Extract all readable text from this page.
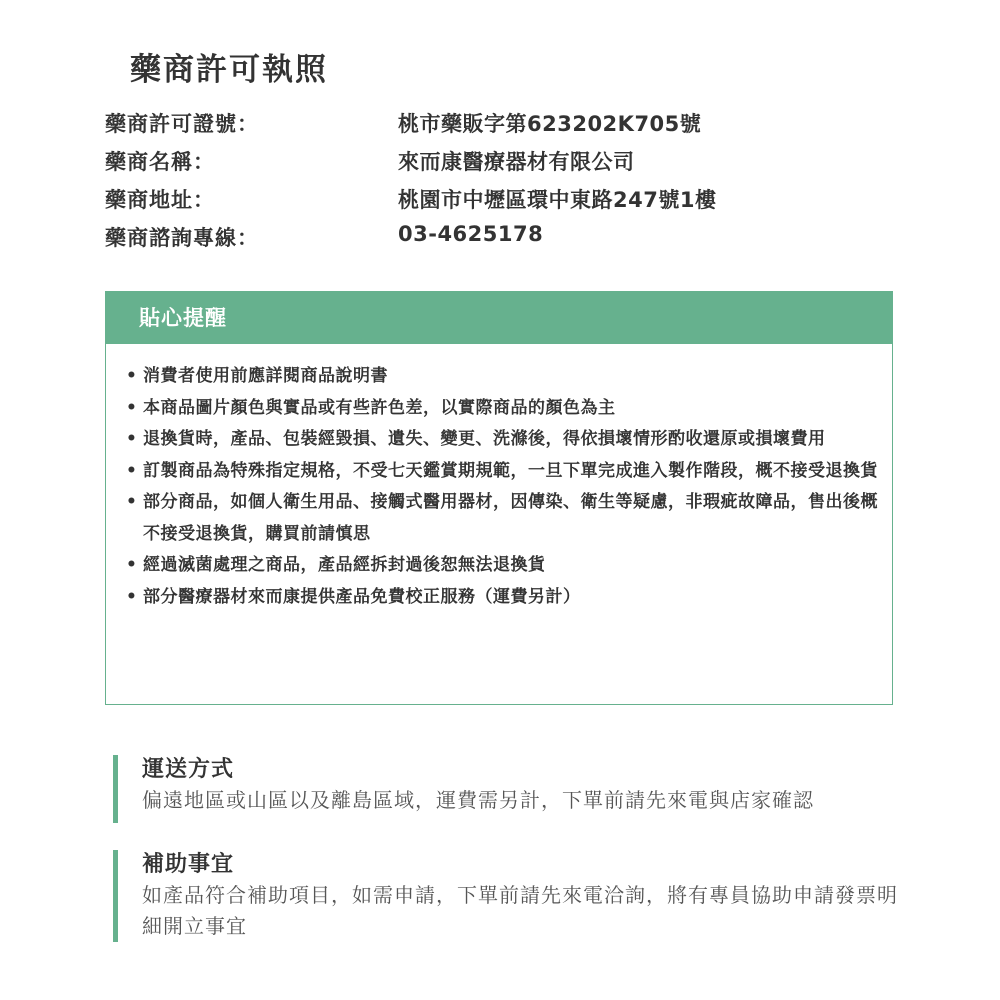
藥商許可執照
藥商許可證號：	桃市藥販字第623202K705號
藥商名稱：	來而康醫療器材有限公司
藥商地址：	桃園市中壢區環中東路247號1樓
藥商諮詢專線：	03-4625178
貼心提醒
• 消費者使用前應詳閱商品說明書
• 本商品圖片顏色與實品或有些許色差，以實際商品的顏色為主
• 退換貨時，產品、包裝經毀損、遺失、變更、洗滌後，得依損壞情形酌收還原或損壞費用
• 訂製商品為特殊指定規格，不受七天鑑賞期規範，一旦下單完成進入製作階段，概不接受退換貨
• 部分商品，如個人衛生用品、接觸式醫用器材，因傳染、衛生等疑慮，非瑕疵故障品，售出後概不接受退換貨，購買前請慎思
• 經過滅菌處理之商品，產品經拆封過後恕無法退換貨
• 部分醫療器材來而康提供產品免費校正服務（運費另計）
運送方式

偏遠地區或山區以及離島區域，運費需另計，下單前請先來電與店家確認

補助事宜

如產品符合補助項目，如需申請，下單前請先來電洽詢，將有專員協助申請發票明細開立事宜
